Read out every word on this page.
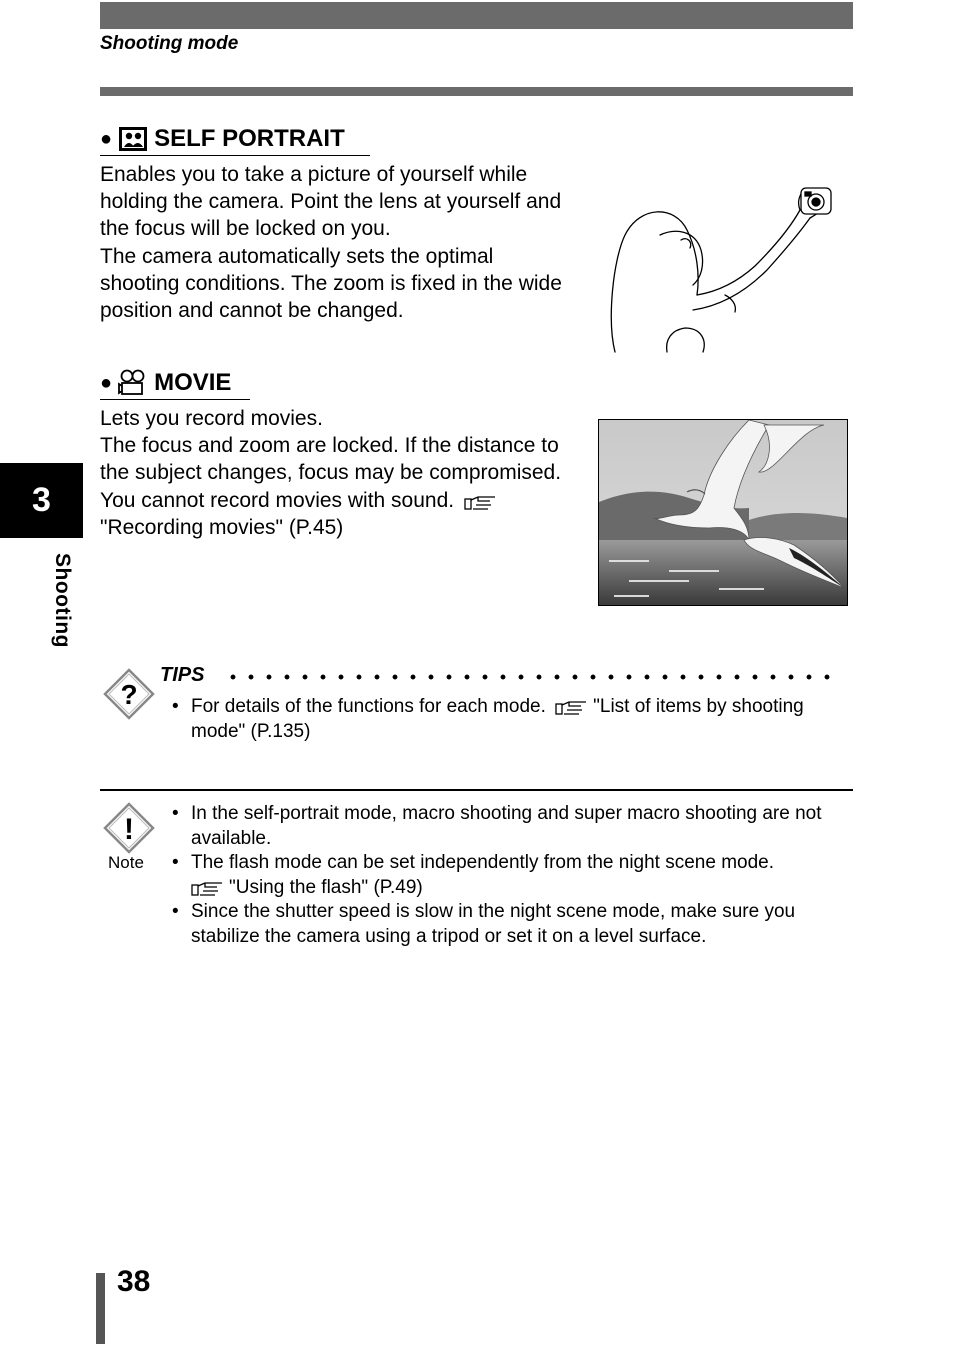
Shooting mode
3
Shooting
● SELF PORTRAIT
Enables you to take a picture of yourself while holding the camera. Point the lens at yourself and the focus will be locked on you.
The camera automatically sets the optimal shooting conditions. The zoom is fixed in the wide position and cannot be changed.
● MOVIE
Lets you record movies.
The focus and zoom are locked. If the distance to the subject changes, focus may be compromised. You cannot record movies with sound. "Recording movies" (P.45)
?
TIPS
• For details of the functions for each mode. "List of items by shooting mode" (P.135)
!
Note
• In the self-portrait mode, macro shooting and super macro shooting are not available.
• The flash mode can be set independently from the night scene mode.
"Using the flash" (P.49)
• Since the shutter speed is slow in the night scene mode, make sure you stabilize the camera using a tripod or set it on a level surface.
38
